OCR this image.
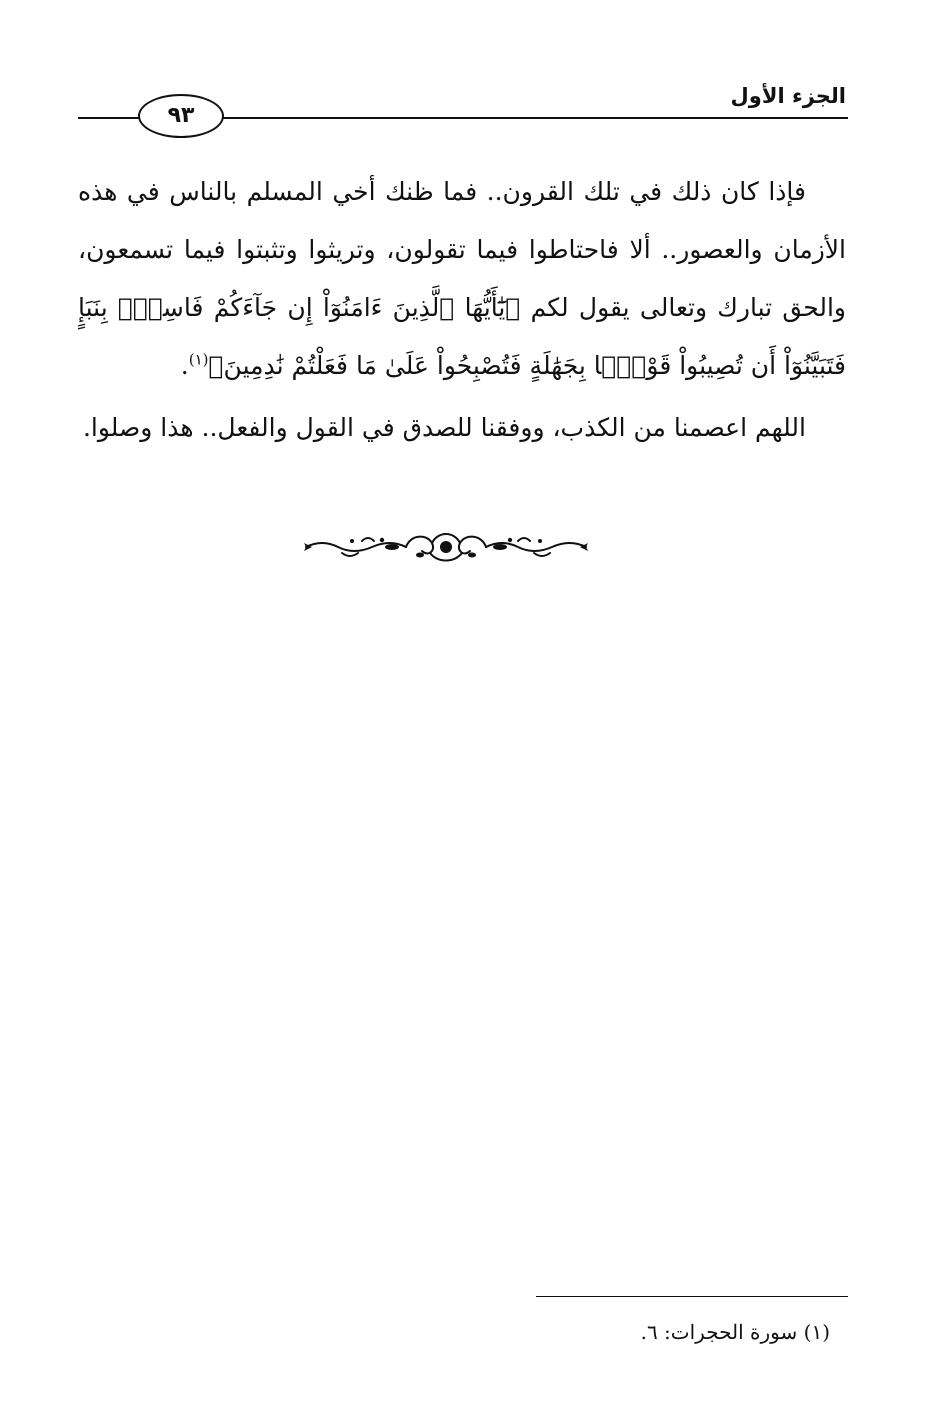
الجزء الأول
٩٣

فإذا كان ذلك في تلك القرون.. فما ظنك أخي المسلم بالناس في هذه الأزمان والعصور.. ألا فاحتاطوا فيما تقولون، وتريثوا وتثبتوا فيما تسمعون، والحق تبارك وتعالى يقول لكم ﴿يَٰٓأَيُّهَا ٱلَّذِينَ ءَامَنُوٓاْ إِن جَآءَكُمْ فَاسِقُۢ بِنَبَإٍ فَتَبَيَّنُوٓاْ أَن تُصِيبُواْ قَوْمَۢا بِجَهَٰلَةٍ فَتُصْبِحُواْ عَلَىٰ مَا فَعَلْتُمْ نَٰدِمِينَ﴾$^{(١)}$.

اللهم اعصمنا من الكذب، ووفقنا للصدق في القول والفعل.. هذا وصلوا.

(١) سورة الحجرات: ٦.
